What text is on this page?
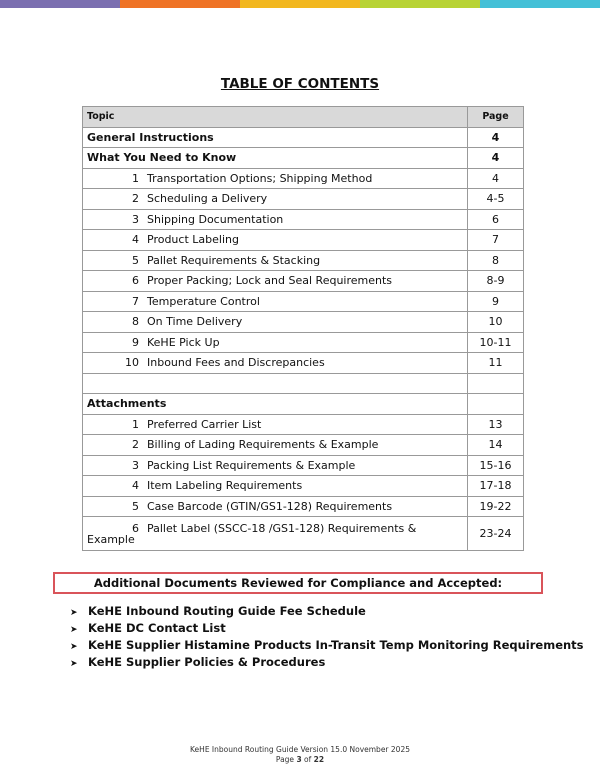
TABLE OF CONTENTS
Topic	Page
General Instructions	4
What You Need to Know	4
1 Transportation Options; Shipping Method	4
2 Scheduling a Delivery	4-5
3 Shipping Documentation	6
4 Product Labeling	7
5 Pallet Requirements & Stacking	8
6 Proper Packing; Lock and Seal Requirements	8-9
7 Temperature Control	9
8 On Time Delivery	10
9 KeHE Pick Up	10-11
10 Inbound Fees and Discrepancies	11

Attachments	
1 Preferred Carrier List	13
2 Billing of Lading Requirements & Example	14
3 Packing List Requirements & Example	15-16
4 Item Labeling Requirements	17-18
5 Case Barcode (GTIN/GS1-128) Requirements	19-22
6 Pallet Label (SSCC-18 /GS1-128) Requirements & Example	23-24
Additional Documents Reviewed for Compliance and Accepted:
➤ KeHE Inbound Routing Guide Fee Schedule
➤ KeHE DC Contact List
➤ KeHE Supplier Histamine Products In-Transit Temp Monitoring Requirements
➤ KeHE Supplier Policies & Procedures
KeHE Inbound Routing Guide Version 15.0 November 2025
Page 3 of 22
